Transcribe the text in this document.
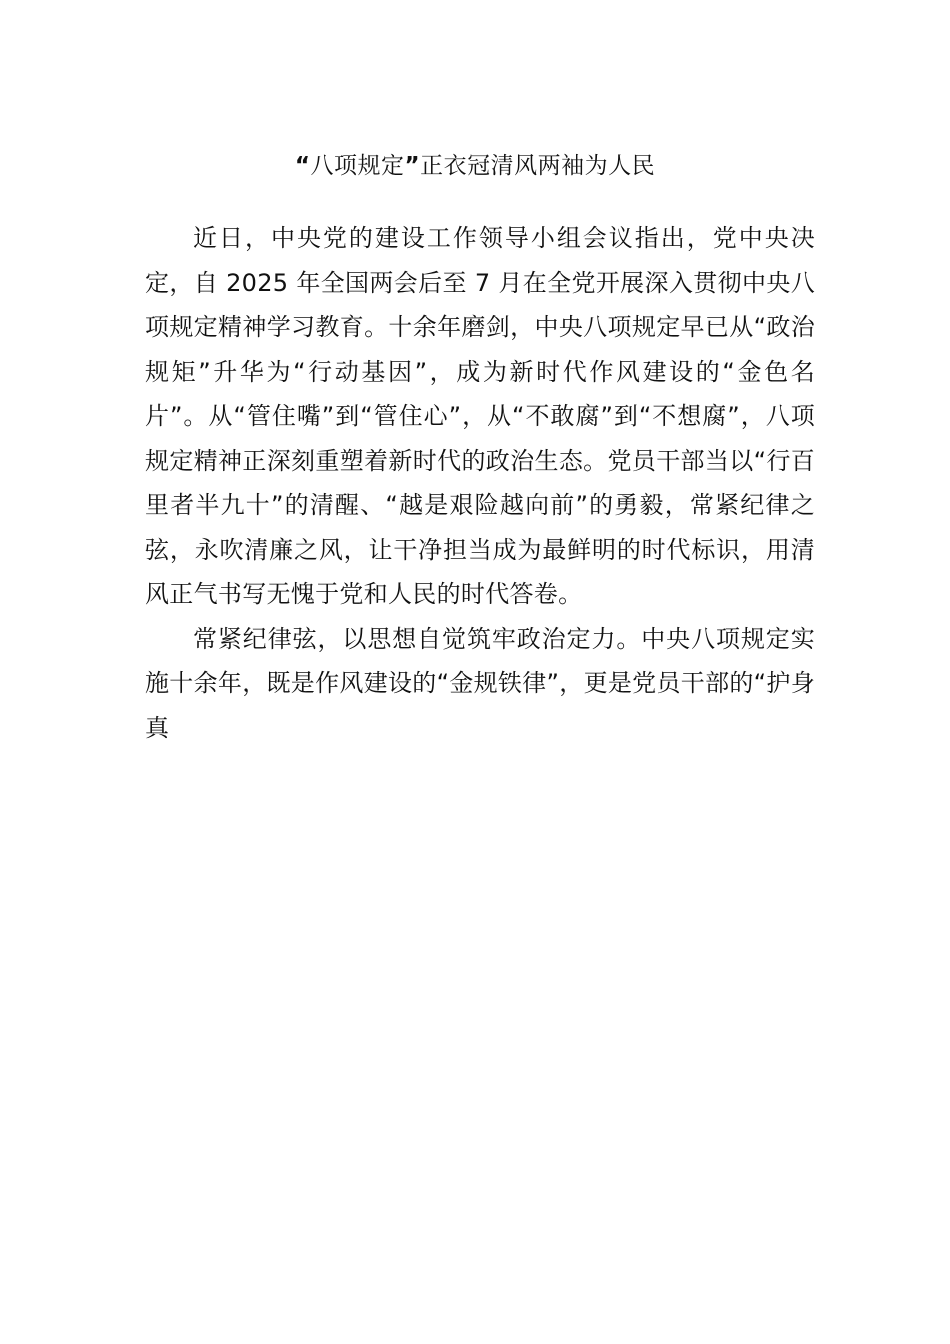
“八项规定”正衣冠清风两袖为人民

近日，中央党的建设工作领导小组会议指出，党中央决定，自 2025 年全国两会后至 7 月在全党开展深入贯彻中央八项规定精神学习教育。十余年磨剑，中央八项规定早已从“政治规矩”升华为“行动基因”，成为新时代作风建设的“金色名片”。从“管住嘴”到“管住心”，从“不敢腐”到“不想腐”，八项规定精神正深刻重塑着新时代的政治生态。党员干部当以“行百里者半九十”的清醒、“越是艰险越向前”的勇毅，常紧纪律之弦，永吹清廉之风，让干净担当成为最鲜明的时代标识，用清风正气书写无愧于党和人民的时代答卷。

常紧纪律弦，以思想自觉筑牢政治定力。中央八项规定实施十余年，既是作风建设的“金规铁律”，更是党员干部的“护身真
